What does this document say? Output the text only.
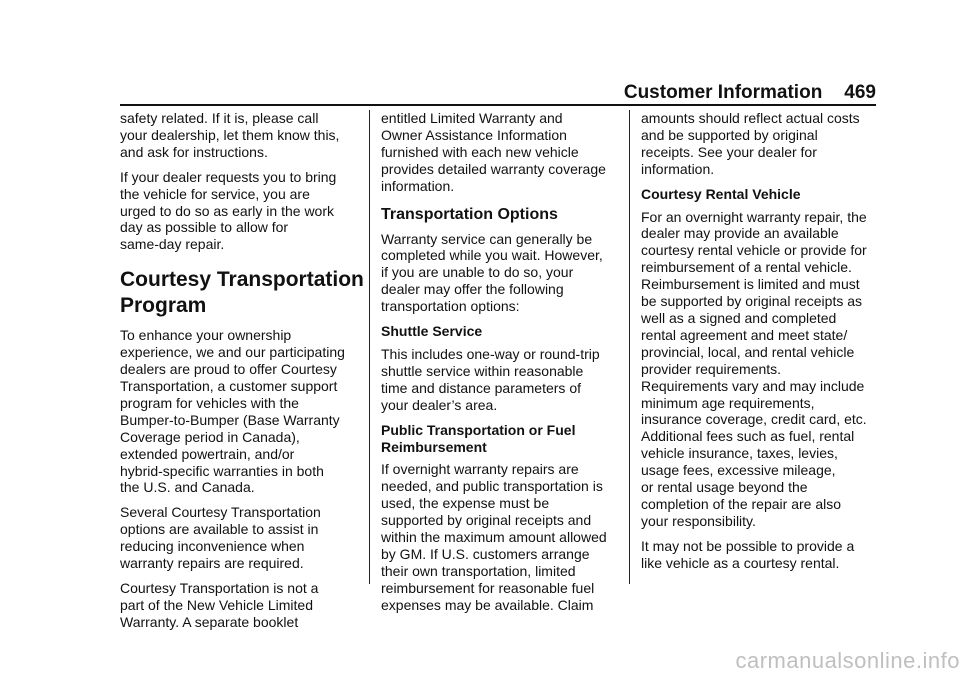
Customer Information 469

safety related. If it is, please call
your dealership, let them know this,
and ask for instructions.

If your dealer requests you to bring
the vehicle for service, you are
urged to do so as early in the work
day as possible to allow for
same-day repair.

Courtesy Transportation
Program

To enhance your ownership
experience, we and our participating
dealers are proud to offer Courtesy
Transportation, a customer support
program for vehicles with the
Bumper-to-Bumper (Base Warranty
Coverage period in Canada),
extended powertrain, and/or
hybrid-specific warranties in both
the U.S. and Canada.

Several Courtesy Transportation
options are available to assist in
reducing inconvenience when
warranty repairs are required.

Courtesy Transportation is not a
part of the New Vehicle Limited
Warranty. A separate booklet

entitled Limited Warranty and
Owner Assistance Information
furnished with each new vehicle
provides detailed warranty coverage
information.

Transportation Options

Warranty service can generally be
completed while you wait. However,
if you are unable to do so, your
dealer may offer the following
transportation options:

Shuttle Service

This includes one-way or round-trip
shuttle service within reasonable
time and distance parameters of
your dealer’s area.

Public Transportation or Fuel
Reimbursement

If overnight warranty repairs are
needed, and public transportation is
used, the expense must be
supported by original receipts and
within the maximum amount allowed
by GM. If U.S. customers arrange
their own transportation, limited
reimbursement for reasonable fuel
expenses may be available. Claim

amounts should reflect actual costs
and be supported by original
receipts. See your dealer for
information.

Courtesy Rental Vehicle

For an overnight warranty repair, the
dealer may provide an available
courtesy rental vehicle or provide for
reimbursement of a rental vehicle.
Reimbursement is limited and must
be supported by original receipts as
well as a signed and completed
rental agreement and meet state/
provincial, local, and rental vehicle
provider requirements.
Requirements vary and may include
minimum age requirements,
insurance coverage, credit card, etc.
Additional fees such as fuel, rental
vehicle insurance, taxes, levies,
usage fees, excessive mileage,
or rental usage beyond the
completion of the repair are also
your responsibility.

It may not be possible to provide a
like vehicle as a courtesy rental.

carmanualsonline.info
